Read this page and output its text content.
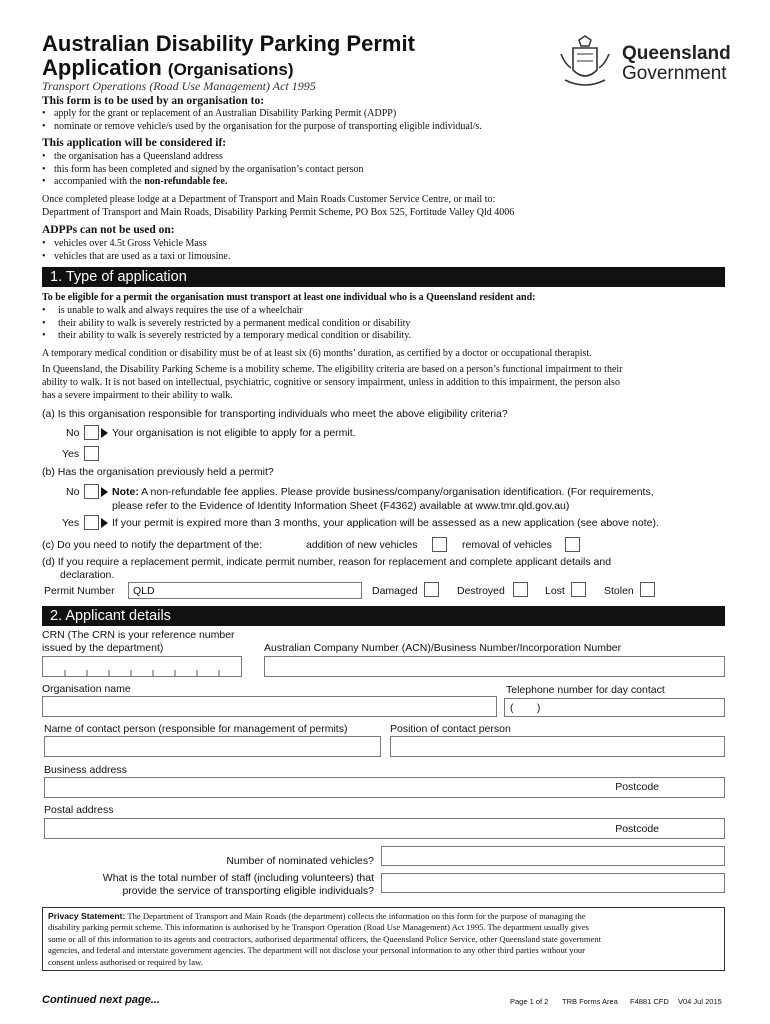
Australian Disability Parking Permit
Application (Organisations)
Transport Operations (Road Use Management) Act 1995
Queensland
Government
This form is to be used by an organisation to:
• apply for the grant or replacement of an Australian Disability Parking Permit (ADPP)
• nominate or remove vehicle/s used by the organisation for the purpose of transporting eligible individual/s.
This application will be considered if:
• the organisation has a Queensland address
• this form has been completed and signed by the organisation’s contact person
• accompanied with the non-refundable fee.
Once completed please lodge at a Department of Transport and Main Roads Customer Service Centre, or mail to:
Department of Transport and Main Roads, Disability Parking Permit Scheme, PO Box 525, Fortitude Valley Qld 4006
ADPPs can not be used on:
• vehicles over 4.5t Gross Vehicle Mass
• vehicles that are used as a taxi or limousine.
1. Type of application
To be eligible for a permit the organisation must transport at least one individual who is a Queensland resident and:
• is unable to walk and always requires the use of a wheelchair
• their ability to walk is severely restricted by a permanent medical condition or disability
• their ability to walk is severely restricted by a temporary medical condition or disability.
A temporary medical condition or disability must be of at least six (6) months’ duration, as certified by a doctor or occupational therapist.
In Queensland, the Disability Parking Scheme is a mobility scheme. The eligibility criteria are based on a person’s functional impairment to their
ability to walk. It is not based on intellectual, psychiatric, cognitive or sensory impairment, unless in addition to this impairment, the person also
has a severe impairment to their ability to walk.
(a) Is this organisation responsible for transporting individuals who meet the above eligibility criteria?
No	Your organisation is not eligible to apply for a permit.
Yes
(b) Has the organisation previously held a permit?
No	Note: A non-refundable fee applies. Please provide business/company/organisation identification. (For requirements,
please refer to the Evidence of Identity Information Sheet (F4362) available at www.tmr.qld.gov.au)
Yes	If your permit is expired more than 3 months, your application will be assessed as a new application (see above note).
(c) Do you need to notify the department of the:	addition of new vehicles	removal of vehicles
(d) If you require a replacement permit, indicate permit number, reason for replacement and complete applicant details and
declaration.
Permit Number	QLD	Damaged	Destroyed	Lost	Stolen
2. Applicant details
CRN (The CRN is your reference number
issued by the department)	Australian Company Number (ACN)/Business Number/Incorporation Number
Organisation name	Telephone number for day contact
(        )
Name of contact person (responsible for management of permits)	Position of contact person
Business address
Postcode
Postal address
Postcode
Number of nominated vehicles?
What is the total number of staff (including volunteers) that
provide the service of transporting eligible individuals?
Privacy Statement: The Department of Transport and Main Roads (the department) collects the information on this form for the purpose of managing the
disability parking permit scheme. This information is authorised by he Transport Operation (Road Use Management) Act 1995. The department usually gives
some or all of this information to its agents and contractors, authorised departmental officers, the Queensland Police Service, other Queensland state government
agencies, and federal and interstate government agencies. The department will not disclose your personal information to any other third parties without your
consent unless authorised or required by law.
Continued next page...	Page 1 of 2 TRB Forms Area F4881 CFD V04 Jul 2015
